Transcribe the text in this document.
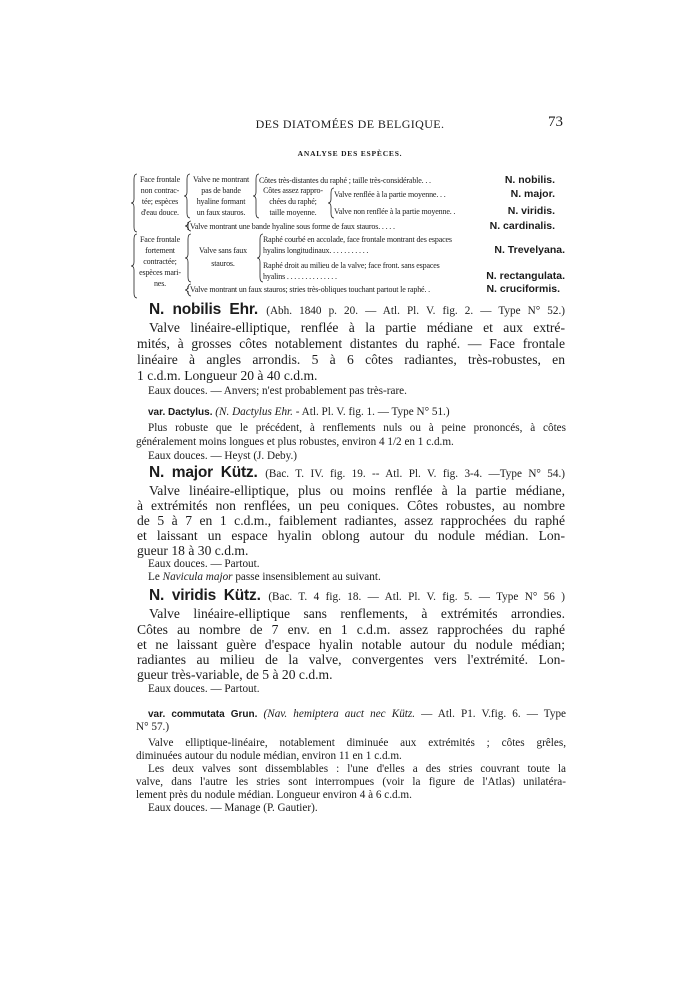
DES DIATOMÉES DE BELGIQUE.	73
ANALYSE DES ESPÈCES.
Face frontale
non contrac-
tée; espèces
d'eau douce.
Valve ne montrant
pas de bande
hyaline formant
un faux stauros.
Côtes très-distantes du raphé ; taille très-considérable. . .	N. nobilis.
Côtes assez rappro-
chées du raphé;
taille moyenne.
Valve renflée à la partie moyenne. . .	N. major.
Valve non renflée à la partie moyenne. .	N. viridis.
Valve montrant une bande hyaline sous forme de faux stauros. . . . .	N. cardinalis.
Face frontale
fortement
contractée;
espèces mari-
nes.
Valve sans faux
stauros.
Raphé courbé en accolade, face frontale montrant des espaces
hyalins longitudinaux. . . . . . . . . . .	N. Trevelyana.
Raphé droit au milieu de la valve; face front. sans espaces
hyalins . . . . . . . . . . . . . .	N. rectangulata.
Valve montrant un faux stauros; stries très-obliques touchant partout le raphé. .	N. cruciformis.
N. nobilis Ehr. (Abh. 1840 p. 20. — Atl. Pl. V. fig. 2. — Type N° 52.)
Valve linéaire-elliptique, renflée à la partie médiane et aux extré-
mités, à grosses côtes notablement distantes du raphé. — Face frontale
linéaire à angles arrondis. 5 à 6 côtes radiantes, très-robustes, en
1 c.d.m. Longueur 20 à 40 c.d.m.
Eaux douces. — Anvers; n'est probablement pas très-rare.
var. Dactylus. (N. Dactylus Ehr. - Atl. Pl. V. fig. 1. — Type N° 51.)
Plus robuste que le précédent, à renflements nuls ou à peine prononcés, à côtes
généralement moins longues et plus robustes, environ 4 1/2 en 1 c.d.m.
Eaux douces. — Heyst (J. Deby.)
N. major Kütz. (Bac. T. IV. fig. 19. -- Atl. Pl. V. fig. 3-4. —Type N° 54.)
Valve linéaire-elliptique, plus ou moins renflée à la partie médiane,
à extrémités non renflées, un peu coniques. Côtes robustes, au nombre
de 5 à 7 en 1 c.d.m., faiblement radiantes, assez rapprochées du raphé
et laissant un espace hyalin oblong autour du nodule médian. Lon-
gueur 18 à 30 c.d.m.
Eaux douces. — Partout.
Le Navicula major passe insensiblement au suivant.
N. viridis Kütz. (Bac. T. 4 fig. 18. — Atl. Pl. V. fig. 5. — Type N° 56 )
Valve linéaire-elliptique sans renflements, à extrémités arrondies.
Côtes au nombre de 7 env. en 1 c.d.m. assez rapprochées du raphé
et ne laissant guère d'espace hyalin notable autour du nodule médian;
radiantes au milieu de la valve, convergentes vers l'extrémité. Lon-
gueur très-variable, de 5 à 20 c.d.m.
Eaux douces. — Partout.
var. commutata Grun. (Nav. hemiptera auct nec Kütz. — Atl. P1. V.fig. 6. — Type
N° 57.)
Valve elliptique-linéaire, notablement diminuée aux extrémités ; côtes grêles,
diminuées autour du nodule médian, environ 11 en 1 c.d.m.
Les deux valves sont dissemblables : l'une d'elles a des stries couvrant toute la
valve, dans l'autre les stries sont interrompues (voir la figure de l'Atlas) unilatéra-
lement près du nodule médian. Longueur environ 4 à 6 c.d.m.
Eaux douces. — Manage (P. Gautier).
